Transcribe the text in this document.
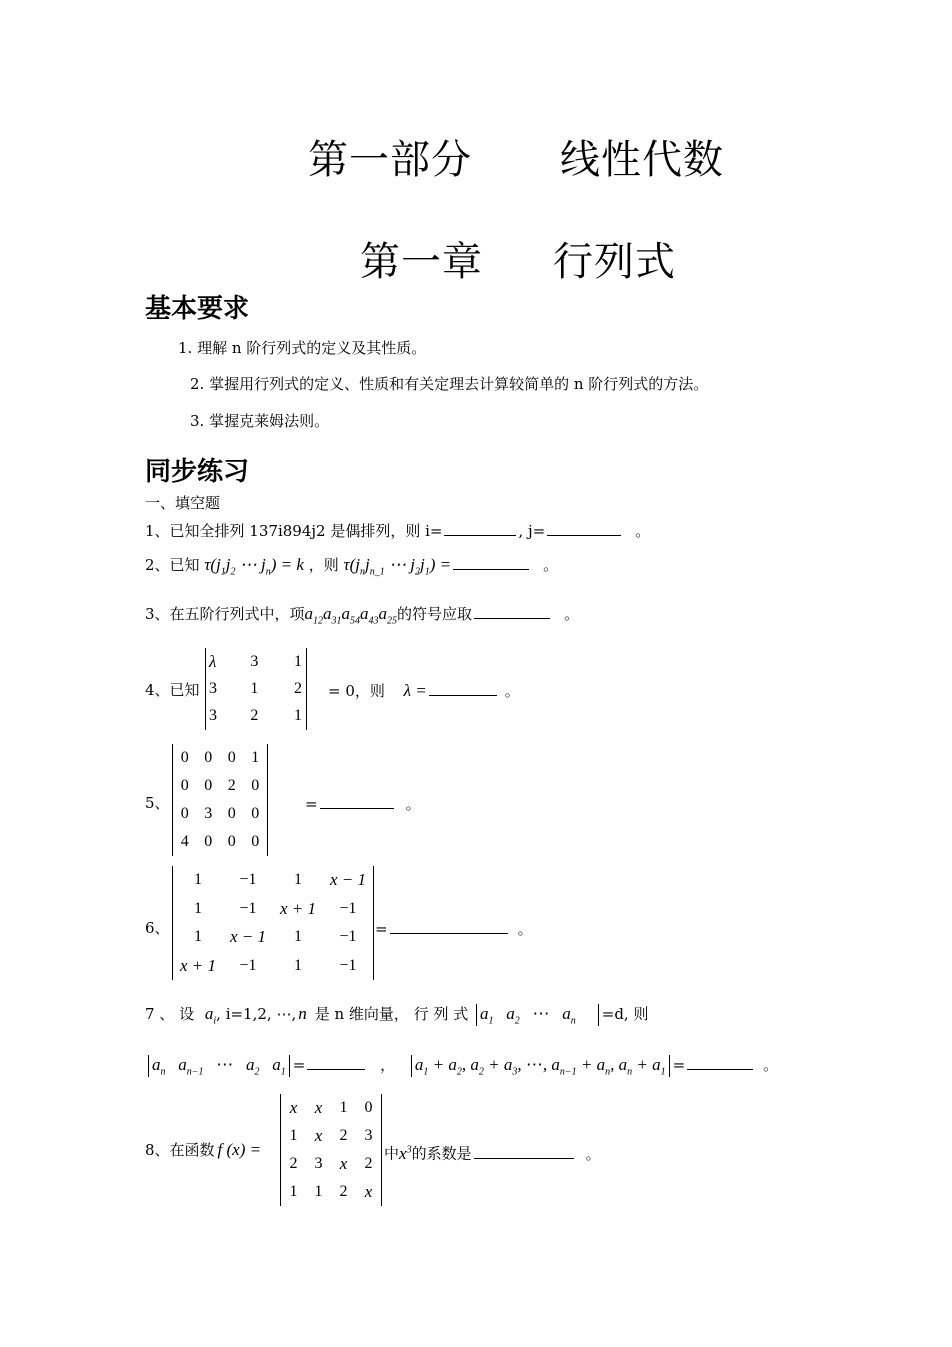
第一部分 线性代数
第一章 行列式
基本要求
1. 理解 n 阶行列式的定义及其性质。
2. 掌握用行列式的定义、性质和有关定理去计算较简单的 n 阶行列式的方法。
3. 掌握克莱姆法则。
同步练习
一、填空题
1、已知全排列 137i894j2 是偶排列，则 i=	, j=	。
2、已知 $\tau(j_1j_2$ ⋯ $j_n) = k$ ，则 $\tau(j_nj_{n\_1}$ ⋯ $j_2j_1$) =	。
3、在五阶行列式中，项$a_{12}a_{31}a_{54}a_{43}a_{25}$的符号应取	。
4、已知
λ	3	1
3	1	2
3	2	1
= 0，则 λ =	。
5、
0	0	0	1
0	0	2	0
0	3	0	0
4	0	0	0
=	。
6、
1	−1	1	x − 1
1	−1	x + 1	−1
1	x − 1	1	−1
x + 1	−1	1	−1
=	。
7 、 设 $a_i$, i=1,2, ⋯, n 是 n 维向量， 行 列 式 $a_1$   $a_2$ ⋯   $a_n =d$, 则
$a_n$   $a_{n-1}$ ⋯   $a_2$   $a_1$ =	， $a_1 + a_2$, $a_2 + a_3$, ⋯, $a_{n-1} + a_n$, $a_n + a_1$ =	。
8、在函数 f (x) =
x	x	1	0
1	x	2	3
2	3	x	2
1	1	2	x
中$x^3$的系数是	。
